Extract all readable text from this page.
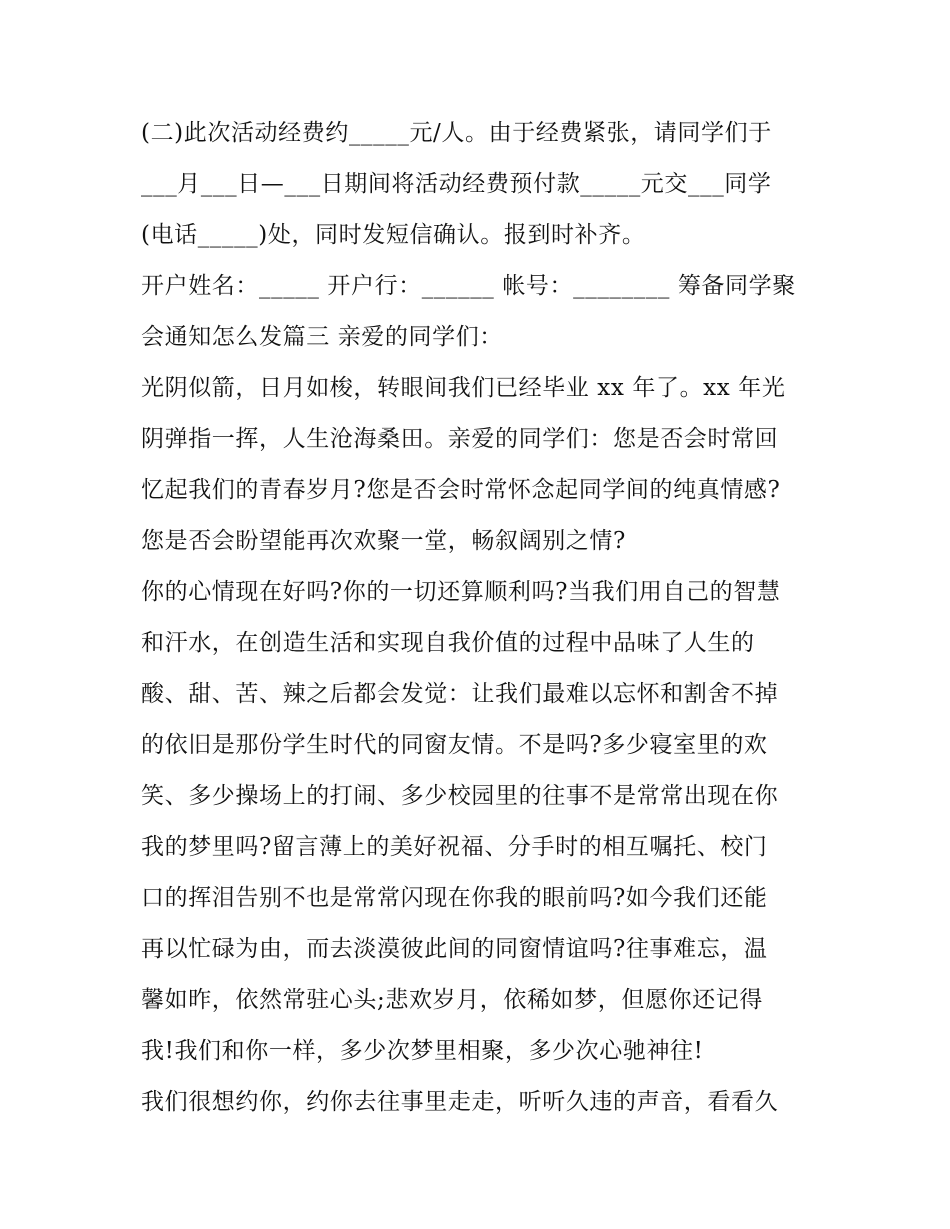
(二)此次活动经费约_____元/人。由于经费紧张，请同学们于
___月___日—___日期间将活动经费预付款_____元交___同学
(电话_____)处，同时发短信确认。报到时补齐。
开户姓名：_____ 开户行：______ 帐号：________ 筹备同学聚
会通知怎么发篇三 亲爱的同学们：
光阴似箭，日月如梭，转眼间我们已经毕业 xx 年了。xx 年光
阴弹指一挥，人生沧海桑田。亲爱的同学们：您是否会时常回
忆起我们的青春岁月?您是否会时常怀念起同学间的纯真情感?
您是否会盼望能再次欢聚一堂，畅叙阔别之情?
你的心情现在好吗?你的一切还算顺利吗?当我们用自己的智慧
和汗水，在创造生活和实现自我价值的过程中品味了人生的
酸、甜、苦、辣之后都会发觉：让我们最难以忘怀和割舍不掉
的依旧是那份学生时代的同窗友情。不是吗?多少寝室里的欢
笑、多少操场上的打闹、多少校园里的往事不是常常出现在你
我的梦里吗?留言薄上的美好祝福、分手时的相互嘱托、校门
口的挥泪告别不也是常常闪现在你我的眼前吗?如今我们还能
再以忙碌为由，而去淡漠彼此间的同窗情谊吗?往事难忘，温
馨如昨，依然常驻心头;悲欢岁月，依稀如梦，但愿你还记得
我!我们和你一样，多少次梦里相聚，多少次心驰神往!
我们很想约你，约你去往事里走走，听听久违的声音，看看久
